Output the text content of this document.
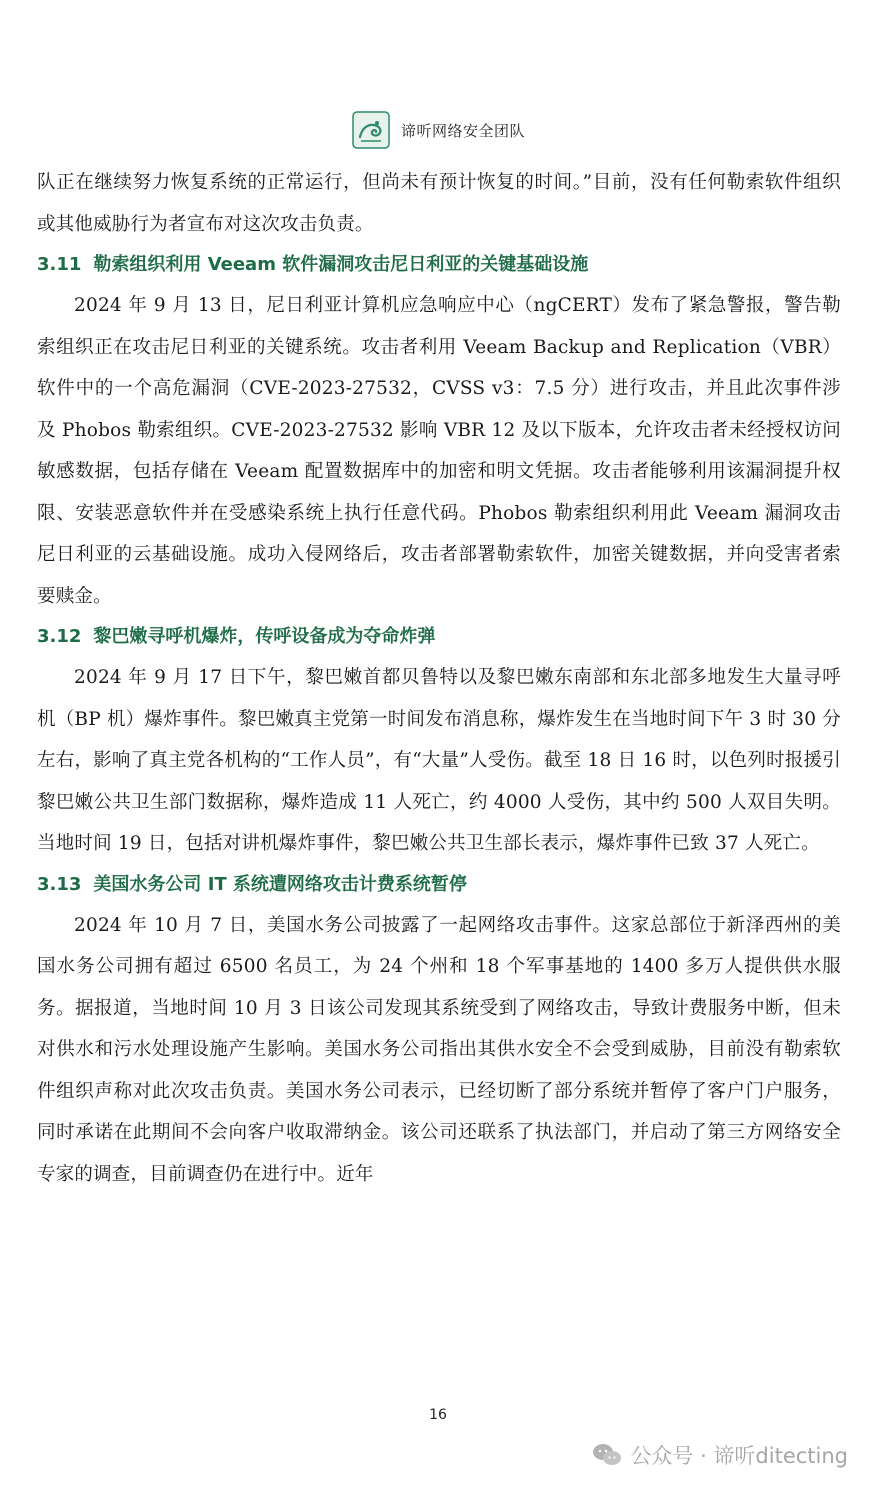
谛听网络安全团队

队正在继续努力恢复系统的正常运行，但尚未有预计恢复的时间。”目前，没有任何勒索软件组织或其他威胁行为者宣布对这次攻击负责。

3.11 勒索组织利用 Veeam 软件漏洞攻击尼日利亚的关键基础设施

2024 年 9 月 13 日，尼日利亚计算机应急响应中心（ngCERT）发布了紧急警报，警告勒索组织正在攻击尼日利亚的关键系统。攻击者利用 Veeam Backup and Replication（VBR）软件中的一个高危漏洞（CVE-2023-27532，CVSS v3：7.5 分）进行攻击，并且此次事件涉及 Phobos 勒索组织。CVE-2023-27532 影响 VBR 12 及以下版本，允许攻击者未经授权访问敏感数据，包括存储在 Veeam 配置数据库中的加密和明文凭据。攻击者能够利用该漏洞提升权限、安装恶意软件并在受感染系统上执行任意代码。Phobos 勒索组织利用此 Veeam 漏洞攻击尼日利亚的云基础设施。成功入侵网络后，攻击者部署勒索软件，加密关键数据，并向受害者索要赎金。

3.12 黎巴嫩寻呼机爆炸，传呼设备成为夺命炸弹

2024 年 9 月 17 日下午，黎巴嫩首都贝鲁特以及黎巴嫩东南部和东北部多地发生大量寻呼机（BP 机）爆炸事件。黎巴嫩真主党第一时间发布消息称，爆炸发生在当地时间下午 3 时 30 分左右，影响了真主党各机构的“工作人员”，有“大量”人受伤。截至 18 日 16 时，以色列时报援引黎巴嫩公共卫生部门数据称，爆炸造成 11 人死亡，约 4000 人受伤，其中约 500 人双目失明。当地时间 19 日，包括对讲机爆炸事件，黎巴嫩公共卫生部长表示，爆炸事件已致 37 人死亡。

3.13 美国水务公司 IT 系统遭网络攻击计费系统暂停

2024 年 10 月 7 日，美国水务公司披露了一起网络攻击事件。这家总部位于新泽西州的美国水务公司拥有超过 6500 名员工，为 24 个州和 18 个军事基地的 1400 多万人提供供水服务。据报道，当地时间 10 月 3 日该公司发现其系统受到了网络攻击，导致计费服务中断，但未对供水和污水处理设施产生影响。美国水务公司指出其供水安全不会受到威胁，目前没有勒索软件组织声称对此次攻击负责。美国水务公司表示，已经切断了部分系统并暂停了客户门户服务，同时承诺在此期间不会向客户收取滞纳金。该公司还联系了执法部门，并启动了第三方网络安全专家的调查，目前调查仍在进行中。近年

16
公众号 · 谛听ditecting
